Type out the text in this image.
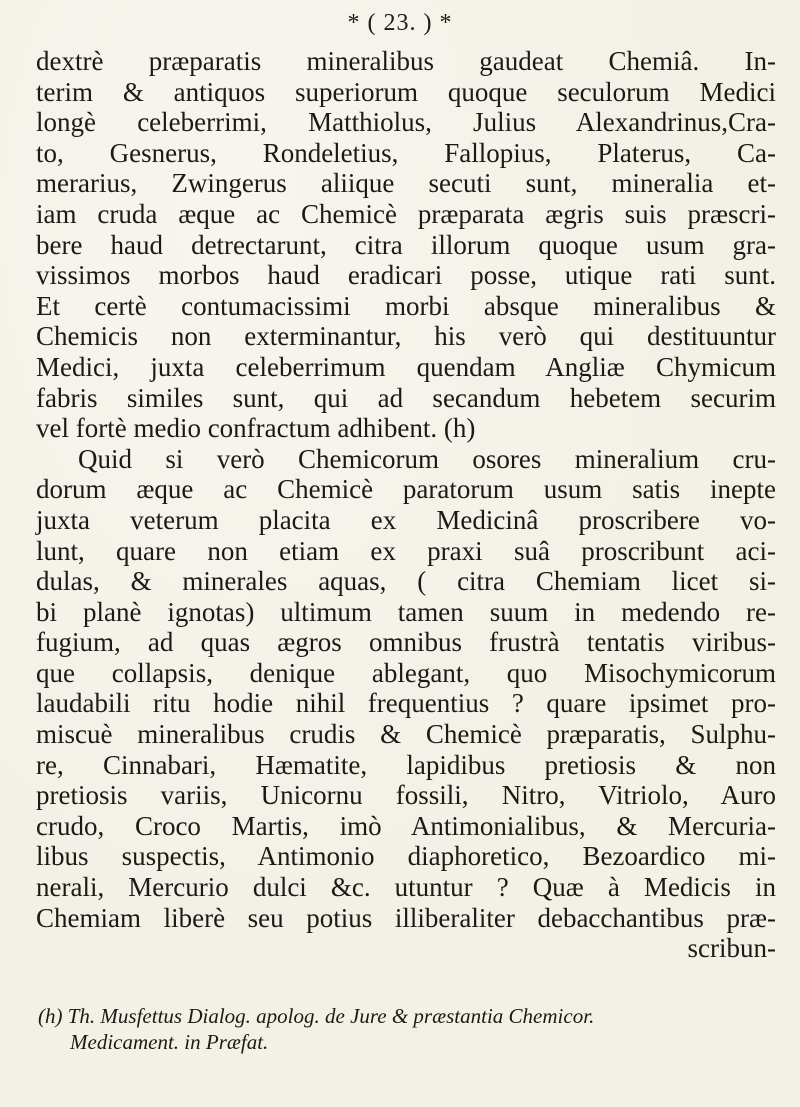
* ( 23. ) *
dextrè præparatis mineralibus gaudeat Chemiâ. In-
terim & antiquos superiorum quoque seculorum Medici
longè celeberrimi, Matthiolus, Julius Alexandrinus,Cra-
to, Gesnerus, Rondeletius, Fallopius, Platerus, Ca-
merarius, Zwingerus aliique secuti sunt, mineralia et-
iam cruda æque ac Chemicè præparata ægris suis præscri-
bere haud detrectarunt, citra illorum quoque usum gra-
vissimos morbos haud eradicari posse, utique rati sunt.
Et certè contumacissimi morbi absque mineralibus &
Chemicis non exterminantur, his verò qui destituuntur
Medici, juxta celeberrimum quendam Angliæ Chymicum
fabris similes sunt, qui ad secandum hebetem securim
vel fortè medio confractum adhibent. (h)
Quid si verò Chemicorum osores mineralium cru-
dorum æque ac Chemicè paratorum usum satis inepte
juxta veterum placita ex Medicinâ proscribere vo-
lunt, quare non etiam ex praxi suâ proscribunt aci-
dulas, & minerales aquas, ( citra Chemiam licet si-
bi planè ignotas) ultimum tamen suum in medendo re-
fugium, ad quas ægros omnibus frustrà tentatis viribus-
que collapsis, denique ablegant, quo Misochymicorum
laudabili ritu hodie nihil frequentius ? quare ipsimet pro-
miscuè mineralibus crudis & Chemicè præparatis, Sulphu-
re, Cinnabari, Hæmatite, lapidibus pretiosis & non
pretiosis variis, Unicornu fossili, Nitro, Vitriolo, Auro
crudo, Croco Martis, imò Antimonialibus, & Mercuria-
libus suspectis, Antimonio diaphoretico, Bezoardico mi-
nerali, Mercurio dulci &c. utuntur ? Quæ à Medicis in
Chemiam liberè seu potius illiberaliter debacchantibus præ-
scribun-
(h) Th. Musfettus Dialog. apolog. de Jure & præstantia Chemicor.
Medicament. in Præfat.
